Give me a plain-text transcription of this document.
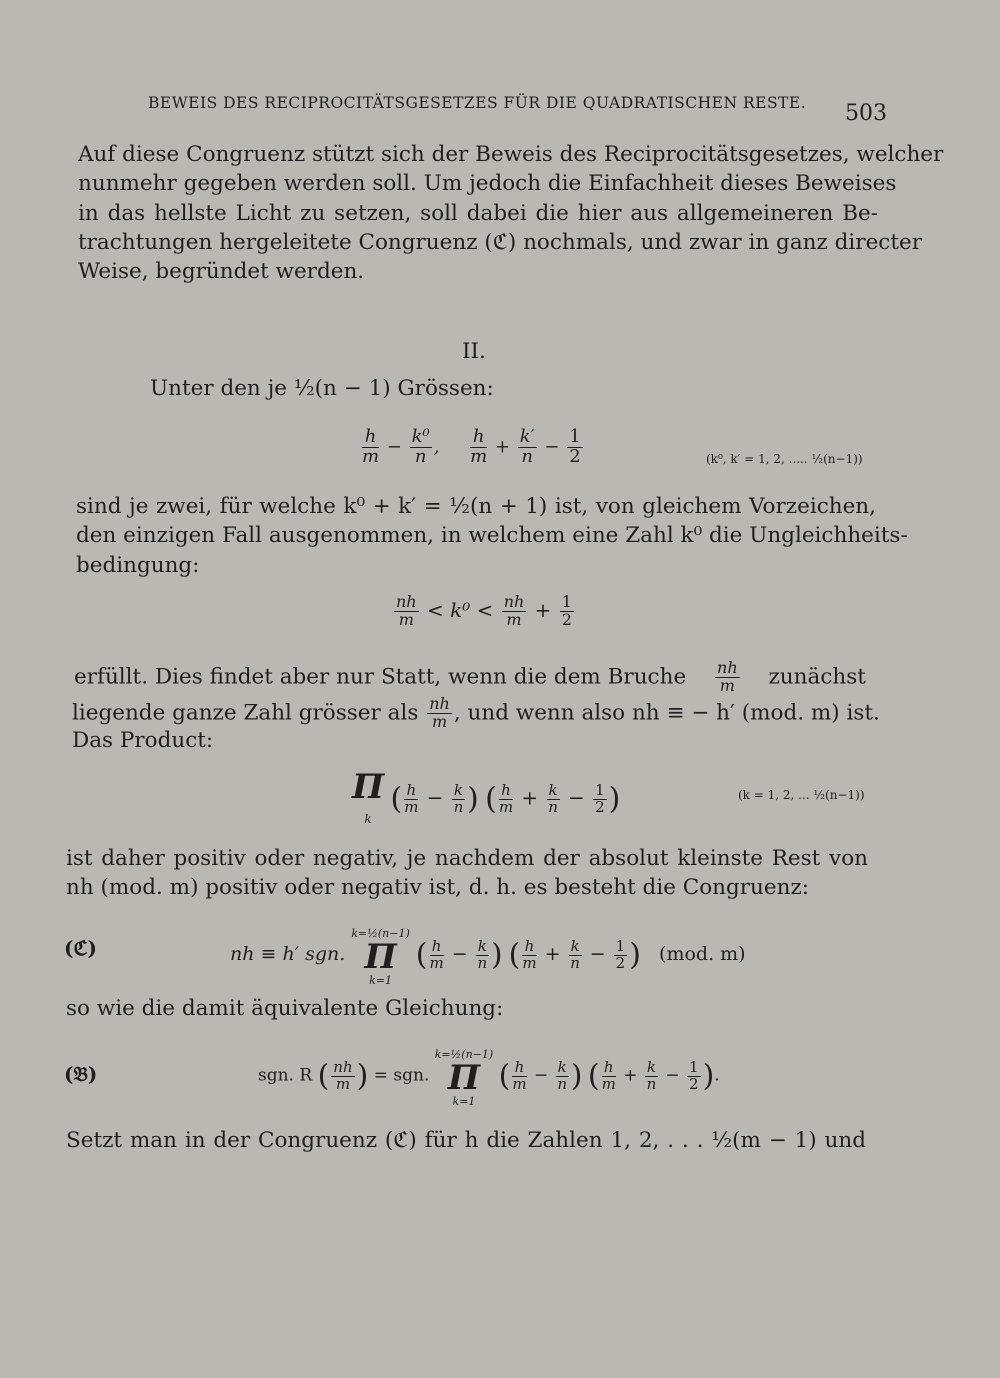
BEWEIS DES RECIPROCITÄTSGESETZES FÜR DIE QUADRATISCHEN RESTE. 503
Auf diese Congruenz stützt sich der Beweis des Reciprocitätsgesetzes, welcher
nunmehr gegeben werden soll. Um jedoch die Einfachheit dieses Beweises
in das hellste Licht zu setzen, soll dabei die hier aus allgemeineren Be-
trachtungen hergeleitete Congruenz (ℭ) nochmals, und zwar in ganz directer
Weise, begründet werden.
II.
Unter den je ½(n − 1) Grössen:
$\frac{h}{m} - \frac{\text{k⁰}}{n}$ , $\frac{h}{m} + \frac{k'}{n} - \frac{1}{2}$	(k⁰, k′ = 1, 2, ..... ½(n−1))
sind je zwei, für welche k⁰ + k′ = ½(n + 1) ist, von gleichem Vorzeichen,
den einzigen Fall ausgenommen, in welchem eine Zahl k⁰ die Ungleichheits-
bedingung:
$\frac{nh}{m} < k^0 < \frac{nh}{m} + \frac{1}{2}$
erfüllt. Dies findet aber nur Statt, wenn die dem Bruche $\frac{nh}{m}$ zunächst
liegende ganze Zahl grösser als $\frac{nh}{m}$ , und wenn also nh ≡ − h′ (mod. m) ist.
Das Product:
Π
k ( $\frac{h}{m} - \frac{k}{n}$ ) ( $\frac{h}{m} + \frac{k}{n} - \frac{1}{2}$ )	(k = 1, 2, ... ½(n−1))
ist daher positiv oder negativ, je nachdem der absolut kleinste Rest von
nh (mod. m) positiv oder negativ ist, d. h. es besteht die Congruenz:
(ℭ)	nh ≡ h′ sgn.
k=½(n−1)
Π
k=1
( $\frac{h}{m} - \frac{k}{n}$ ) ( $\frac{h}{m} + \frac{k}{n} - \frac{1}{2}$ ) (mod. m)
so wie die damit äquivalente Gleichung:
(𝔅)	sgn. R ( $\frac{nh}{m}$ ) = sgn.
k=½(n−1)
Π
k=1
( $\frac{h}{m} - \frac{k}{n}$ ) ( $\frac{h}{m} + \frac{k}{n} - \frac{1}{2}$ ).
Setzt man in der Congruenz (ℭ) für h die Zahlen 1, 2, . . . ½(m − 1) und
